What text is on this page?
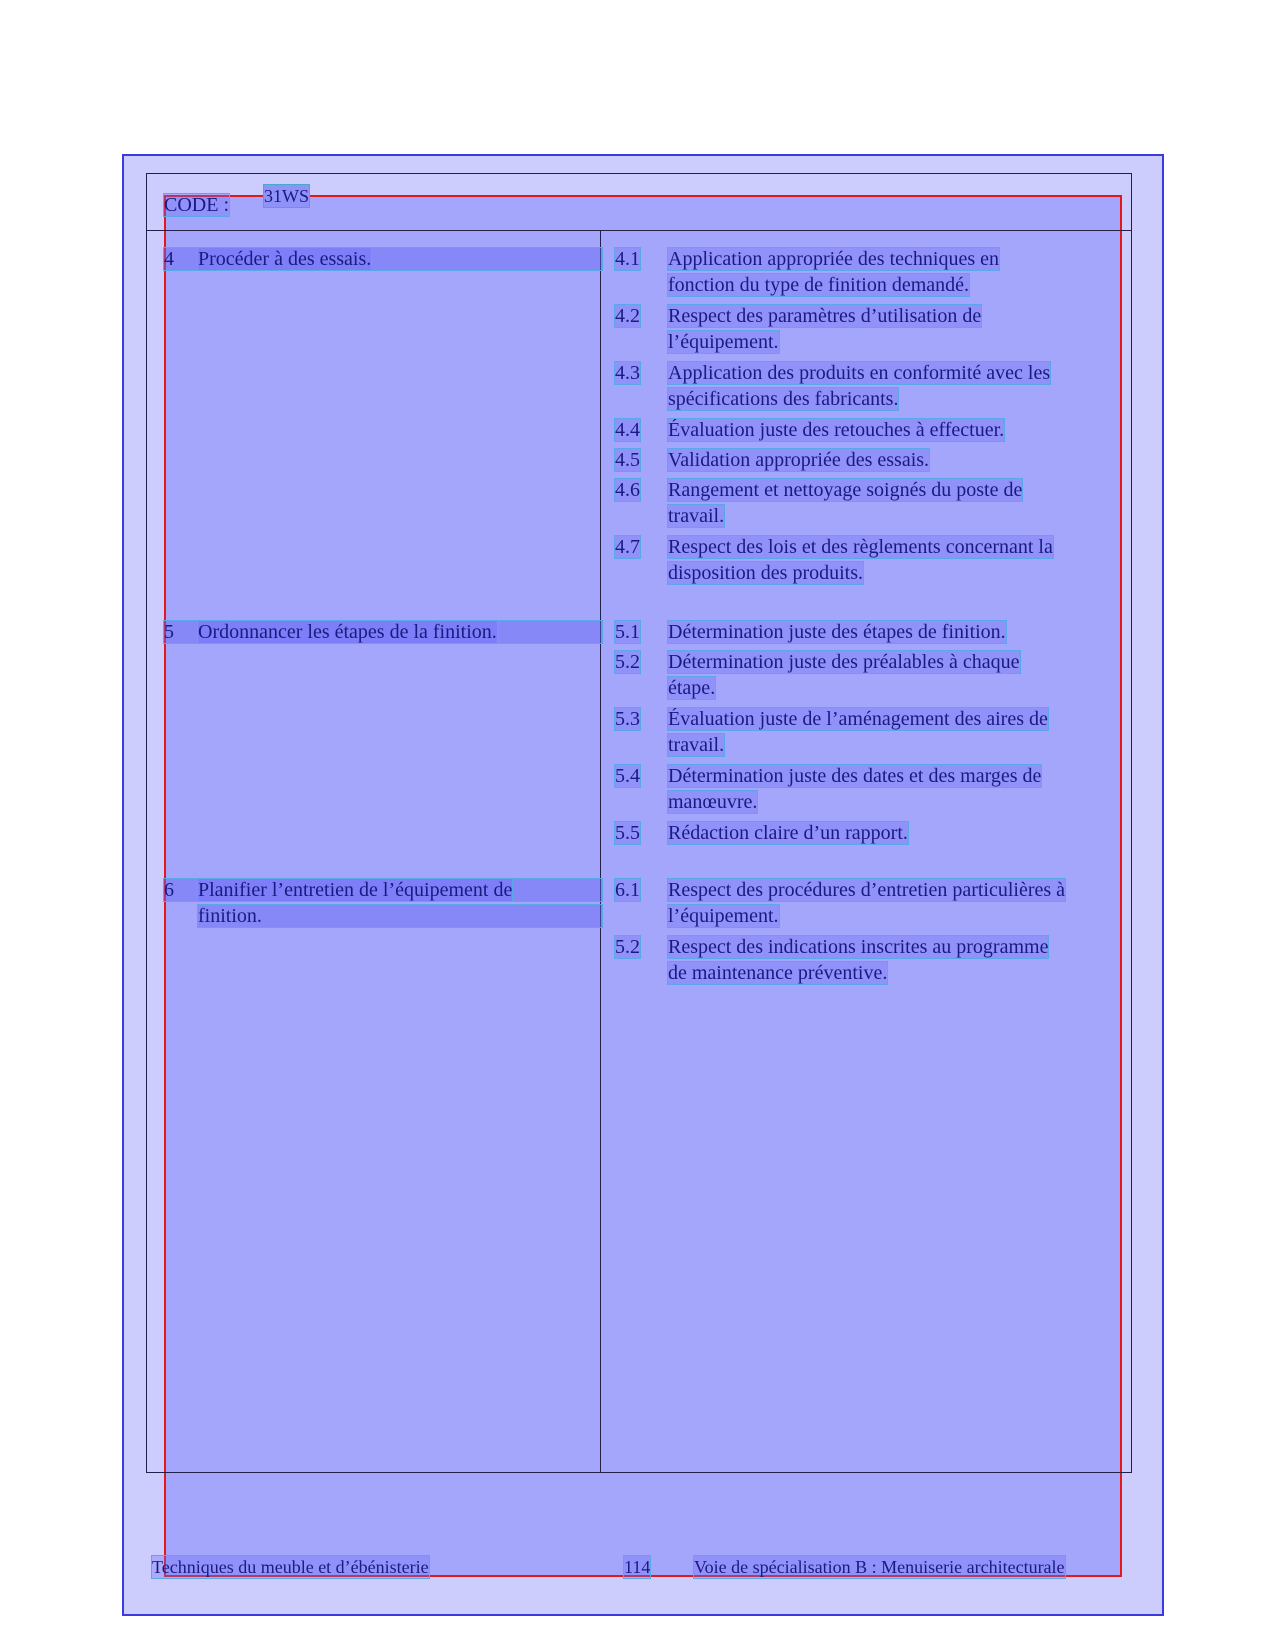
CODE : 31WS
4	Procéder à des essais.	4.1 Application appropriée des techniques en
fonction du type de finition demandé.
4.2 Respect des paramètres d’utilisation de
l’équipement.
4.3 Application des produits en conformité avec les
spécifications des fabricants.
4.4 Évaluation juste des retouches à effectuer.
4.5 Validation appropriée des essais.
4.6 Rangement et nettoyage soignés du poste de
travail.
4.7 Respect des lois et des règlements concernant la
disposition des produits.
5	Ordonnancer les étapes de la finition.	5.1 Détermination juste des étapes de finition.
5.2 Détermination juste des préalables à chaque
étape.
5.3 Évaluation juste de l’aménagement des aires de
travail.
5.4 Détermination juste des dates et des marges de
manœuvre.
5.5 Rédaction claire d’un rapport.
6	Planifier l’entretien de l’équipement de
finition.
6.1 Respect des procédures d’entretien particulières à
l’équipement.
5.2 Respect des indications inscrites au programme
de maintenance préventive.
Techniques du meuble et d’ébénisterie	114 Voie de spécialisation B : Menuiserie architecturale
